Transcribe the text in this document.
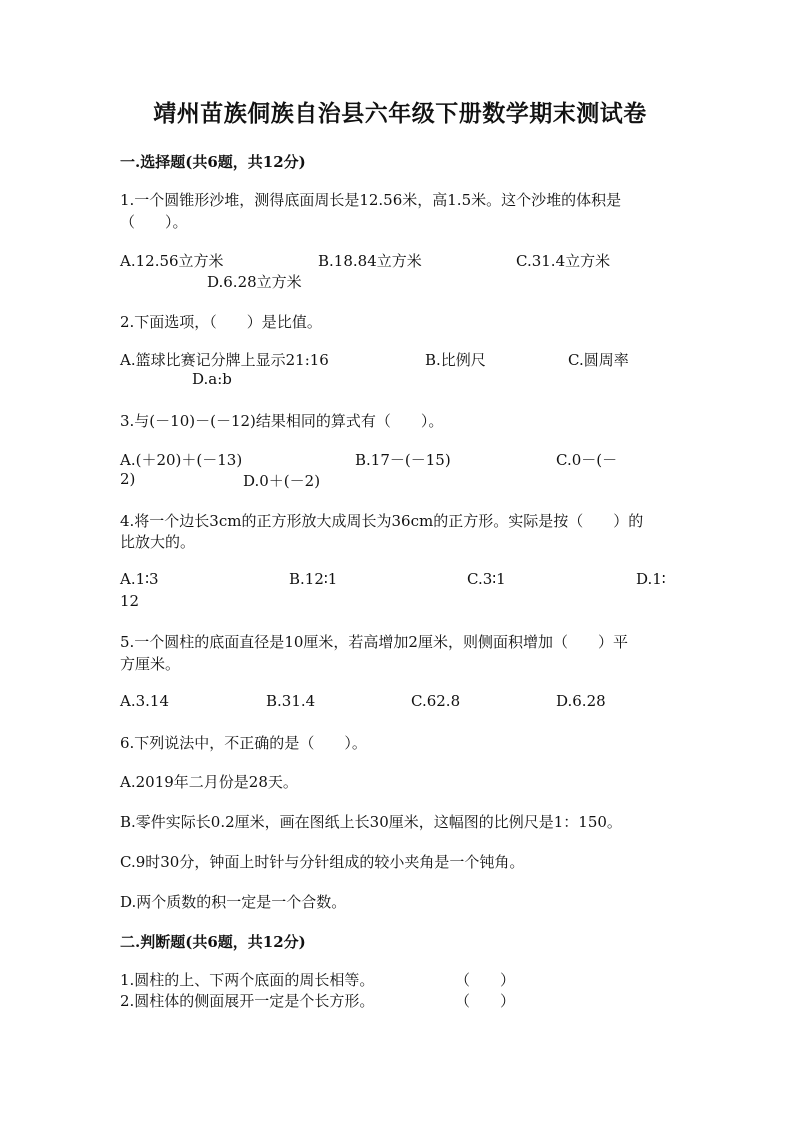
靖州苗族侗族自治县六年级下册数学期末测试卷
一.选择题(共6题，共12分)
1.一个圆锥形沙堆，测得底面周长是12.56米，高1.5米。这个沙堆的体积是
（　　）。
A.12.56立方米	B.18.84立方米	C.31.4立方米
D.6.28立方米
2.下面选项，（　　）是比值。
A.篮球比赛记分牌上显示21:16	B.比例尺	C.圆周率
D.a:b
3.与(－10)－(－12)结果相同的算式有（　　）。
A.(＋20)＋(－13)	B.17－(－15)	C.0－(－
2)	D.0＋(－2)
4.将一个边长3cm的正方形放大成周长为36cm的正方形。实际是按（　　）的
比放大的。
A.1∶3	B.12∶1	C.3∶1	D.1∶
12
5.一个圆柱的底面直径是10厘米，若高增加2厘米，则侧面积增加（　　）平
方厘米。
A.3.14	B.31.4	C.62.8	D.6.28
6.下列说法中，不正确的是（　　）。
A.2019年二月份是28天。
B.零件实际长0.2厘米，画在图纸上长30厘米，这幅图的比例尺是1：150。
C.9时30分，钟面上时针与分针组成的较小夹角是一个钝角。
D.两个质数的积一定是一个合数。
二.判断题(共6题，共12分)
1.圆柱的上、下两个底面的周长相等。	（　　）
2.圆柱体的侧面展开一定是个长方形。	（　　）
